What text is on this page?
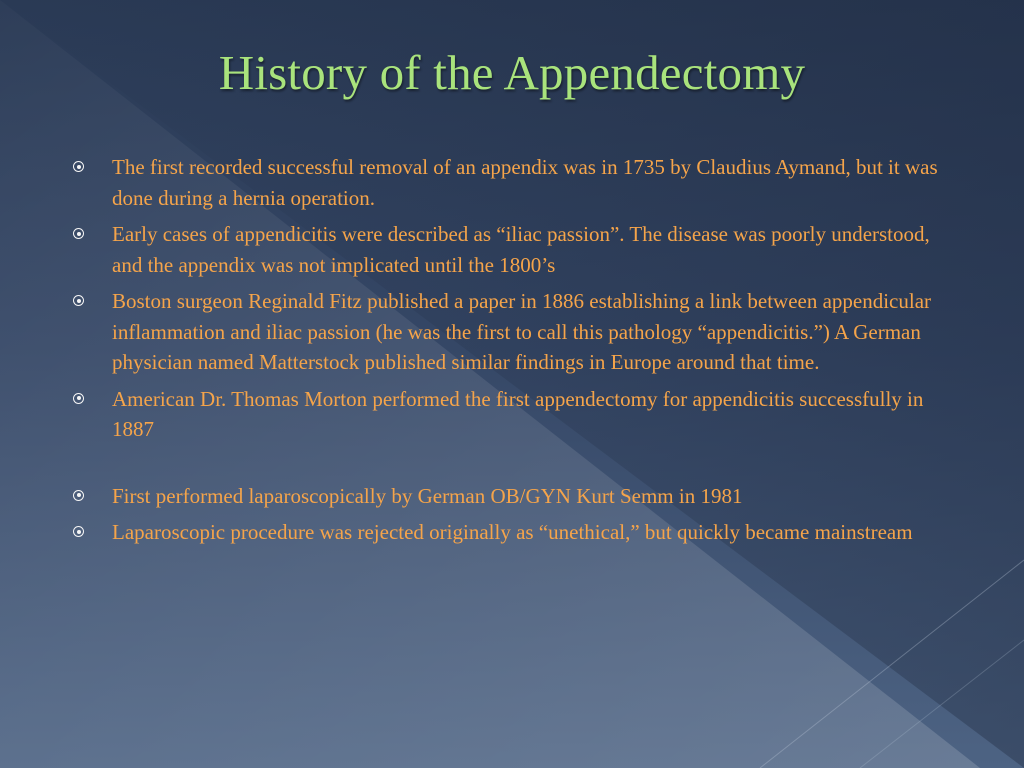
History of the Appendectomy
The first recorded successful removal of an appendix was in 1735 by Claudius Aymand, but it was done during a hernia operation.
Early cases of appendicitis were described as “iliac passion”. The disease was poorly understood, and the appendix was not implicated until the 1800’s
Boston surgeon Reginald Fitz published a paper in 1886 establishing a link between appendicular inflammation and iliac passion (he was the first to call this pathology “appendicitis.”) A German physician named Matterstock published similar findings in Europe around that time.
American Dr. Thomas Morton performed the first appendectomy for appendicitis successfully in 1887
First performed laparoscopically by German OB/GYN Kurt Semm in 1981
Laparoscopic procedure was rejected originally as “unethical,” but quickly became mainstream
